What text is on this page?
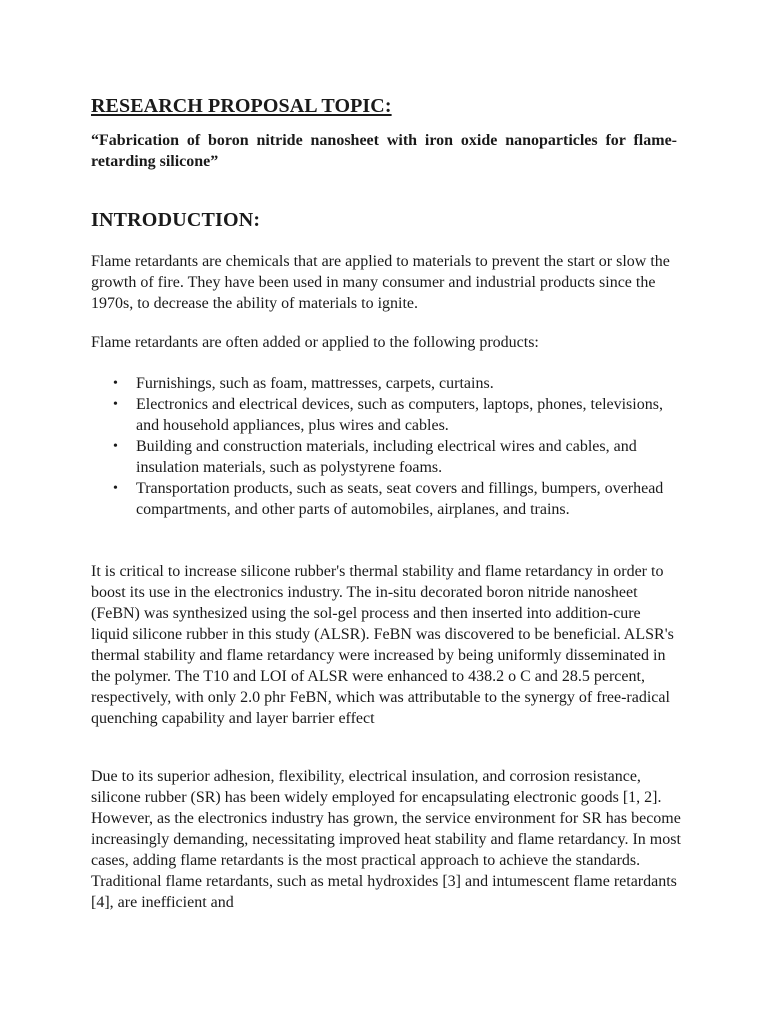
RESEARCH PROPOSAL TOPIC:

“Fabrication of boron nitride nanosheet with iron oxide nanoparticles for flame-retarding silicone”

INTRODUCTION:

Flame retardants are chemicals that are applied to materials to prevent the start or slow the growth of fire. They have been used in many consumer and industrial products since the 1970s, to decrease the ability of materials to ignite.

Flame retardants are often added or applied to the following products:

• Furnishings, such as foam, mattresses, carpets, curtains.
• Electronics and electrical devices, such as computers, laptops, phones, televisions, and household appliances, plus wires and cables.
• Building and construction materials, including electrical wires and cables, and insulation materials, such as polystyrene foams.
• Transportation products, such as seats, seat covers and fillings, bumpers, overhead compartments, and other parts of automobiles, airplanes, and trains.

It is critical to increase silicone rubber's thermal stability and flame retardancy in order to boost its use in the electronics industry. The in-situ decorated boron nitride nanosheet (FeBN) was synthesized using the sol-gel process and then inserted into addition-cure liquid silicone rubber in this study (ALSR). FeBN was discovered to be beneficial. ALSR's thermal stability and flame retardancy were increased by being uniformly disseminated in the polymer. The T10 and LOI of ALSR were enhanced to 438.2 o C and 28.5 percent, respectively, with only 2.0 phr FeBN, which was attributable to the synergy of free-radical quenching capability and layer barrier effect

Due to its superior adhesion, flexibility, electrical insulation, and corrosion resistance, silicone rubber (SR) has been widely employed for encapsulating electronic goods [1, 2]. However, as the electronics industry has grown, the service environment for SR has become increasingly demanding, necessitating improved heat stability and flame retardancy. In most cases, adding flame retardants is the most practical approach to achieve the standards. Traditional flame retardants, such as metal hydroxides [3] and intumescent flame retardants [4], are inefficient and
